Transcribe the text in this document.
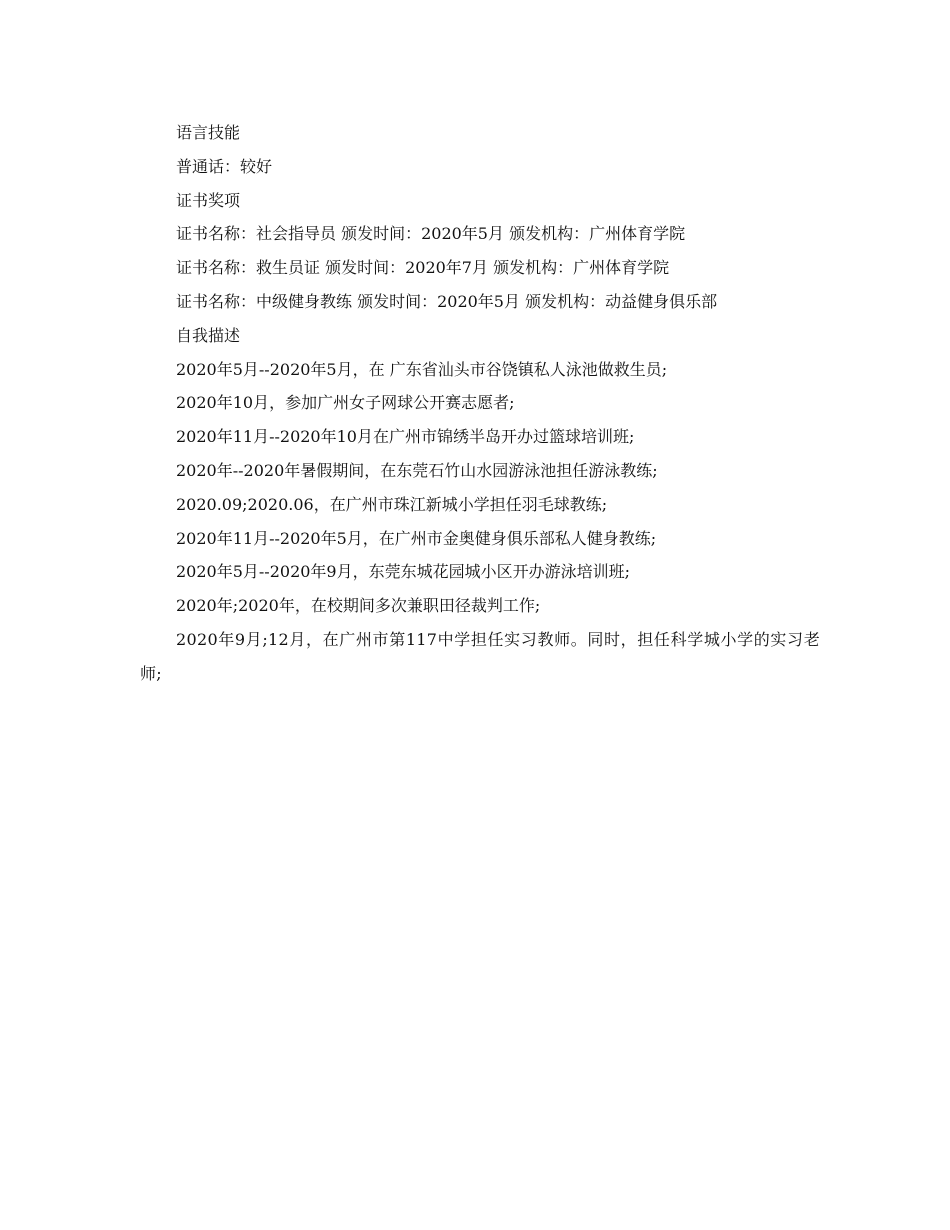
语言技能

普通话：较好

证书奖项

证书名称：社会指导员 颁发时间：2020年5月 颁发机构：广州体育学院

证书名称：救生员证 颁发时间：2020年7月 颁发机构：广州体育学院

证书名称：中级健身教练 颁发时间：2020年5月 颁发机构：动益健身俱乐部

自我描述

2020年5月--2020年5月，在 广东省汕头市谷饶镇私人泳池做救生员;

2020年10月，参加广州女子网球公开赛志愿者;

2020年11月--2020年10月在广州市锦绣半岛开办过篮球培训班;

2020年--2020年暑假期间，在东莞石竹山水园游泳池担任游泳教练;

2020.09;2020.06，在广州市珠江新城小学担任羽毛球教练;

2020年11月--2020年5月，在广州市金奥健身俱乐部私人健身教练;

2020年5月--2020年9月，东莞东城花园城小区开办游泳培训班;

2020年;2020年，在校期间多次兼职田径裁判工作;

2020年9月;12月，在广州市第117中学担任实习教师。同时，担任科学城小学的实习老师;
